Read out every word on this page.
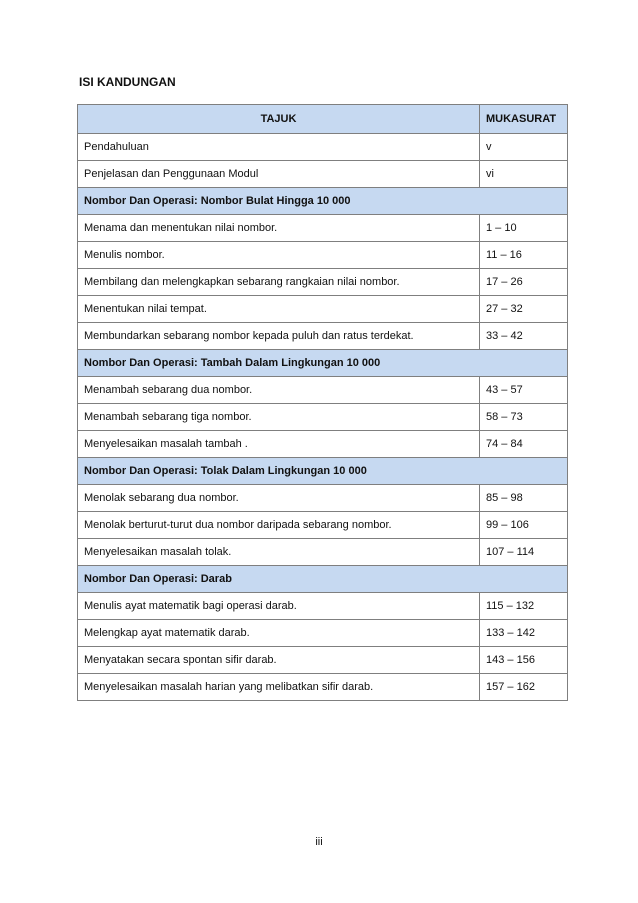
ISI KANDUNGAN
TAJUK	MUKASURAT
Pendahuluan	v
Penjelasan dan Penggunaan Modul	vi
Nombor Dan Operasi: Nombor Bulat Hingga 10 000	
Menama dan menentukan nilai nombor.	1 – 10
Menulis nombor.	11 – 16
Membilang dan melengkapkan sebarang rangkaian nilai nombor.	17 – 26
Menentukan nilai tempat.	27 – 32
Membundarkan sebarang nombor kepada puluh dan ratus terdekat.	33 – 42
Nombor Dan Operasi: Tambah Dalam Lingkungan 10 000	
Menambah sebarang dua nombor.	43 – 57
Menambah sebarang tiga nombor.	58 – 73
Menyelesaikan masalah tambah .	74 – 84
Nombor Dan Operasi: Tolak Dalam Lingkungan 10 000	
Menolak sebarang dua nombor.	85 – 98
Menolak berturut-turut dua nombor daripada sebarang nombor.	99 – 106
Menyelesaikan masalah tolak.	107 – 114
Nombor Dan Operasi: Darab	
Menulis ayat matematik bagi operasi darab.	115 – 132
Melengkap ayat matematik darab.	133 – 142
Menyatakan secara spontan sifir darab.	143 – 156
Menyelesaikan masalah harian yang melibatkan sifir darab.	157 – 162
iii
